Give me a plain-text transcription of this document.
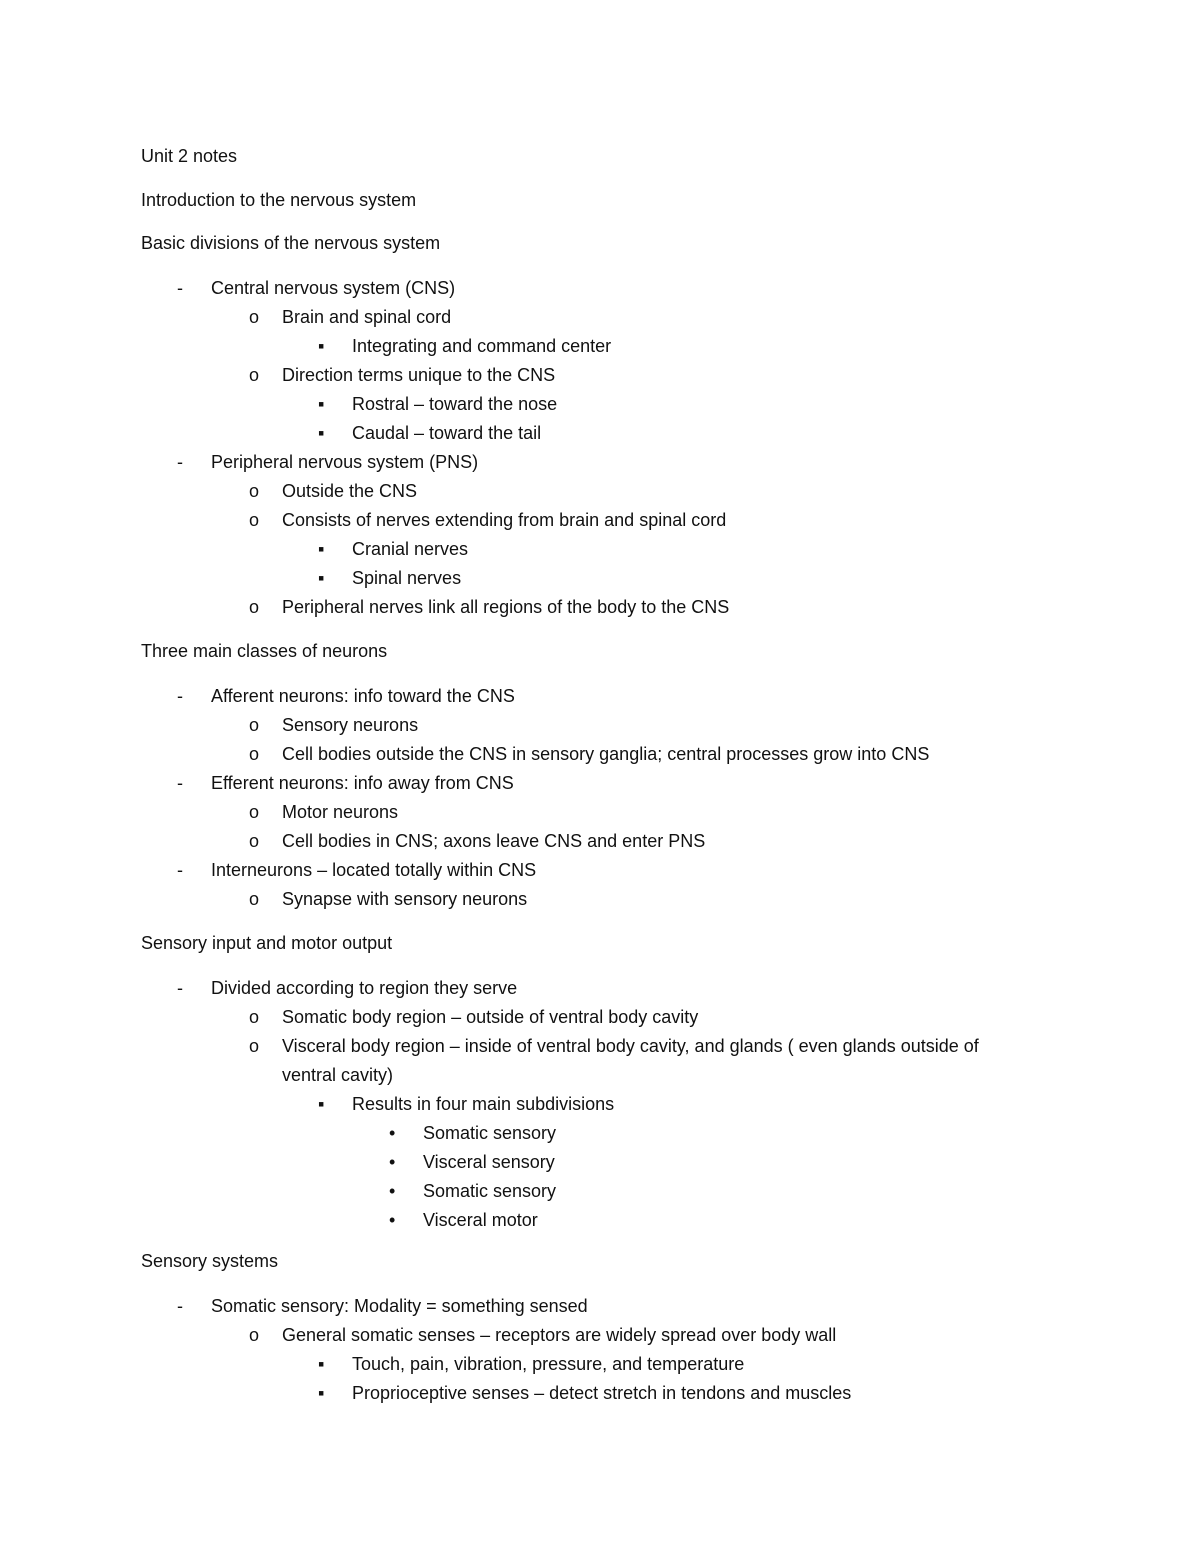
Unit 2 notes
Introduction to the nervous system
Basic divisions of the nervous system
- Central nervous system (CNS)
o Brain and spinal cord
▪ Integrating and command center
o Direction terms unique to the CNS
▪ Rostral – toward the nose
▪ Caudal – toward the tail
- Peripheral nervous system (PNS)
o Outside the CNS
o Consists of nerves extending from brain and spinal cord
▪ Cranial nerves
▪ Spinal nerves
o Peripheral nerves link all regions of the body to the CNS
Three main classes of neurons
- Afferent neurons: info toward the CNS
o Sensory neurons
o Cell bodies outside the CNS in sensory ganglia; central processes grow into CNS
- Efferent neurons: info away from CNS
o Motor neurons
o Cell bodies in CNS; axons leave CNS and enter PNS
- Interneurons – located totally within CNS
o Synapse with sensory neurons
Sensory input and motor output
- Divided according to region they serve
o Somatic body region – outside of ventral body cavity
o Visceral body region – inside of ventral body cavity, and glands ( even glands outside of
ventral cavity)
▪ Results in four main subdivisions
• Somatic sensory
• Visceral sensory
• Somatic sensory
• Visceral motor
Sensory systems
- Somatic sensory: Modality = something sensed
o General somatic senses – receptors are widely spread over body wall
▪ Touch, pain, vibration, pressure, and temperature
▪ Proprioceptive senses – detect stretch in tendons and muscles
